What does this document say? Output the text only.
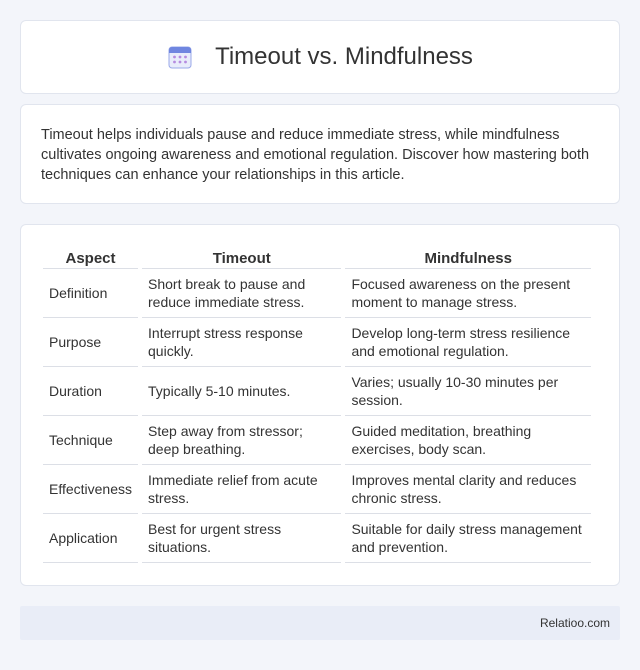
Timeout vs. Mindfulness

Timeout helps individuals pause and reduce immediate stress, while mindfulness cultivates ongoing awareness and emotional regulation. Discover how mastering both techniques can enhance your relationships in this article.

Aspect	Timeout	Mindfulness
Definition	Short break to pause and reduce immediate stress.	Focused awareness on the present moment to manage stress.
Purpose	Interrupt stress response quickly.	Develop long-term stress resilience and emotional regulation.
Duration	Typically 5-10 minutes.	Varies; usually 10-30 minutes per session.
Technique	Step away from stressor; deep breathing.	Guided meditation, breathing exercises, body scan.
Effectiveness	Immediate relief from acute stress.	Improves mental clarity and reduces chronic stress.
Application	Best for urgent stress situations.	Suitable for daily stress management and prevention.
Relatioo.com
